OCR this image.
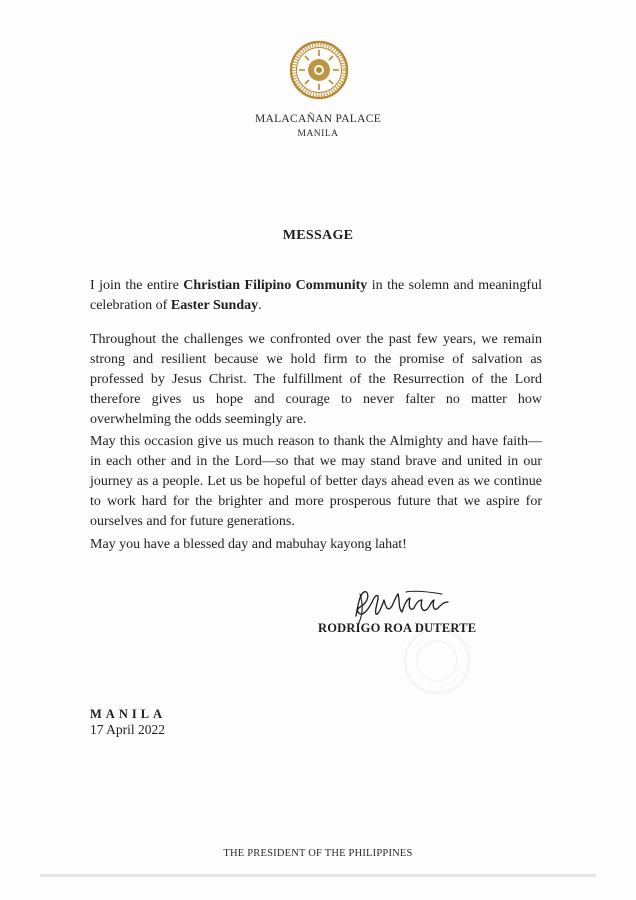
MALACAÑAN PALACE
MANILA
MESSAGE
I join the entire Christian Filipino Community in the solemn and meaningful celebration of Easter Sunday.
Throughout the challenges we confronted over the past few years, we remain strong and resilient because we hold firm to the promise of salvation as professed by Jesus Christ. The fulfillment of the Resurrection of the Lord therefore gives us hope and courage to never falter no matter how overwhelming the odds seemingly are.
May this occasion give us much reason to thank the Almighty and have faith—in each other and in the Lord—so that we may stand brave and united in our journey as a people. Let us be hopeful of better days ahead even as we continue to work hard for the brighter and more prosperous future that we aspire for ourselves and for future generations.
May you have a blessed day and mabuhay kayong lahat!
RODRIGO ROA DUTERTE
MANILA
17 April 2022
THE PRESIDENT OF THE PHILIPPINES
